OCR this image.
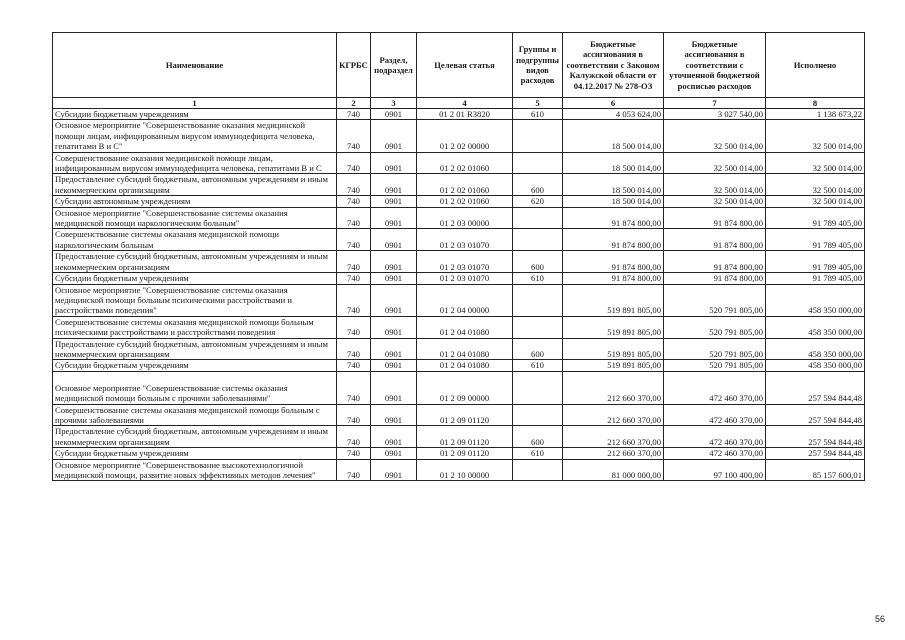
Наименование	КГРБС	Раздел, подраздел	Целевая статья	Группы и подгруппы видов расходов	Бюджетные ассигнования в соответствии с Законом Калужской области от 04.12.2017 № 278-ОЗ	Бюджетные ассигнования в соответствии с уточненной бюджетной росписью расходов	Исполнено
1	2	3	4	5	6	7	8
Субсидии бюджетным учреждениям	740	0901	01 2 01 R3820	610	4 053 624,00	3 027 540,00	1 138 673,22
Основное мероприятие "Совершенствование оказания медицинской помощи лицам, инфицированным вирусом иммунодефицита человека, гепатитами В и С"	740	0901	01 2 02 00000		18 500 014,00	32 500 014,00	32 500 014,00
Совершенствование оказания медицинской помощи лицам, инфицированным вирусом иммунодефицита человека, гепатитами В и С	740	0901	01 2 02 01060		18 500 014,00	32 500 014,00	32 500 014,00
Предоставление субсидий бюджетным, автономным учреждениям и иным некоммерческим организациям	740	0901	01 2 02 01060	600	18 500 014,00	32 500 014,00	32 500 014,00
Субсидии автономным учреждениям	740	0901	01 2 02 01060	620	18 500 014,00	32 500 014,00	32 500 014,00
Основное мероприятие "Совершенствование системы оказания медицинской помощи наркологическим больным"	740	0901	01 2 03 00000		91 874 800,00	91 874 800,00	91 789 405,00
Совершенствование системы оказания медицинской помощи наркологическим больным	740	0901	01 2 03 01070		91 874 800,00	91 874 800,00	91 789 405,00
Предоставление субсидий бюджетным, автономным учреждениям и иным некоммерческим организациям	740	0901	01 2 03 01070	600	91 874 800,00	91 874 800,00	91 789 405,00
Субсидии бюджетным учреждениям	740	0901	01 2 03 01070	610	91 874 800,00	91 874 800,00	91 789 405,00
Основное мероприятие "Совершенствование системы оказания медицинской помощи больным психическими расстройствами и расстройствами поведения"	740	0901	01 2 04 00000		519 891 805,00	520 791 805,00	458 350 000,00
Совершенствование системы оказания медицинской помощи больным психическими расстройствами и расстройствами поведения	740	0901	01 2 04 01080		519 891 805,00	520 791 805,00	458 350 000,00
Предоставление субсидий бюджетным, автономным учреждениям и иным некоммерческим организациям	740	0901	01 2 04 01080	600	519 891 805,00	520 791 805,00	458 350 000,00
Субсидии бюджетным учреждениям	740	0901	01 2 04 01080	610	519 891 805,00	520 791 805,00	458 350 000,00
Основное мероприятие "Совершенствование системы оказания медицинской помощи больным с прочими заболеваниями"	740	0901	01 2 09 00000		212 660 370,00	472 460 370,00	257 594 844,48
Совершенствование системы оказания медицинской помощи больным с прочими заболеваниями	740	0901	01 2 09 01120		212 660 370,00	472 460 370,00	257 594 844,48
Предоставление субсидий бюджетным, автономным учреждениям и иным некоммерческим организациям	740	0901	01 2 09 01120	600	212 660 370,00	472 460 370,00	257 594 844,48
Субсидии бюджетным учреждениям	740	0901	01 2 09 01120	610	212 660 370,00	472 460 370,00	257 594 844,48
Основное мероприятие "Совершенствование высокотехнологичной медицинской помощи, развитие новых эффективных методов лечения"	740	0901	01 2 10 00000		81 000 000,00	97 100 400,00	85 157 600,01
56
